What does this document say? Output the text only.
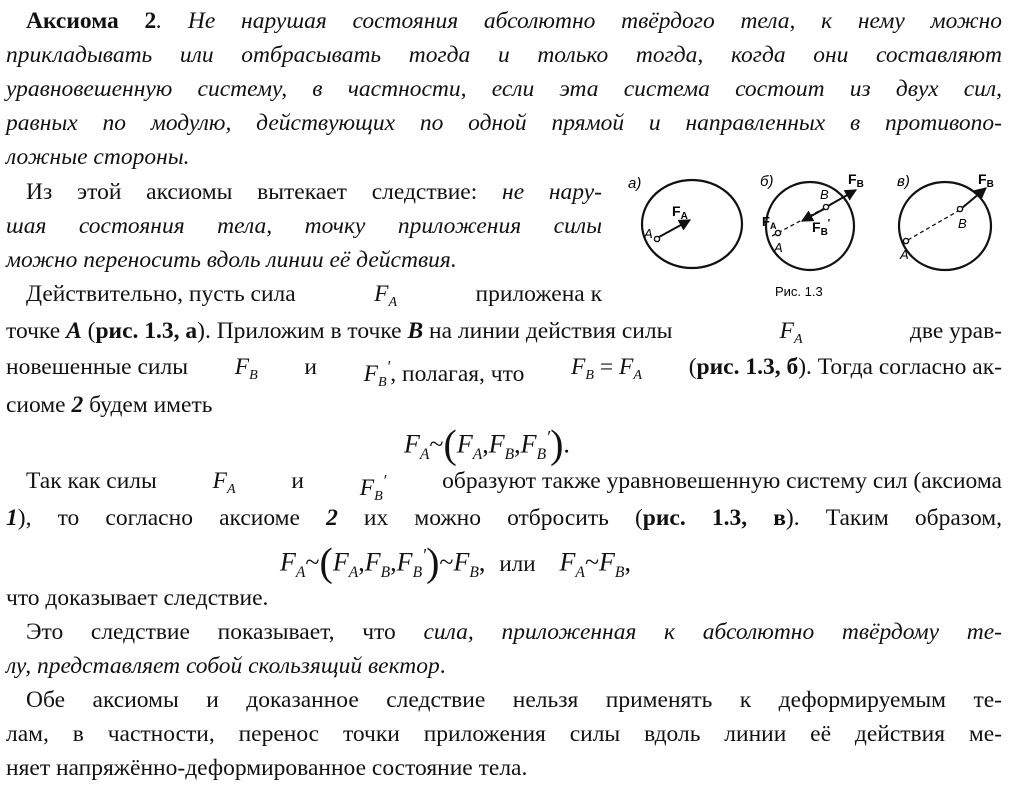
Аксиома 2. Не нарушая состояния абсолютно твёрдого тела, к нему можно
прикладывать или отбрасывать тогда и только тогда, когда они составляют
уравновешенную систему, в частности, если эта система состоит из двух сил,
равных по модулю, действующих по одной прямой и направленных в противопо-
ложные стороны.
Из этой аксиомы вытекает следствие: не нару-
шая состояния тела, точку приложения силы
можно переносить вдоль линии её действия.
Действительно, пусть сила	$F_A$	приложена к
а)
A
$F_A$
б)
A
B
$F_A$	$F_B'$
$F_B$ в)
A
B
$F_B$
Рис. 1.3
точке A (рис. 1.3, а). Приложим в точке B на линии действия силы	$F_A$	две урав-
новешенные силы $F_B$ и $F_B'$, полагая, что $F_B = F_A$ (рис. 1.3, б). Тогда согласно ак-
сиоме 2 будем иметь
$F_A\sim(F_A,F_B,F_B')$.
Так как силы $F_A$ и $F_B'$ образуют также уравновешенную систему сил (аксиома
1), то согласно аксиоме 2 их можно отбросить (рис. 1.3, в). Таким образом,
$F_A\sim(F_A,F_B,F_B')\sim F_B$, или $F_A\sim F_B$,
что доказывает следствие.
Это следствие показывает, что сила, приложенная к абсолютно твёрдому те-
лу, представляет собой скользящий вектор.
Обе аксиомы и доказанное следствие нельзя применять к деформируемым те-
лам, в частности, перенос точки приложения силы вдоль линии её действия ме-
няет напряжённо-деформированное состояние тела.
